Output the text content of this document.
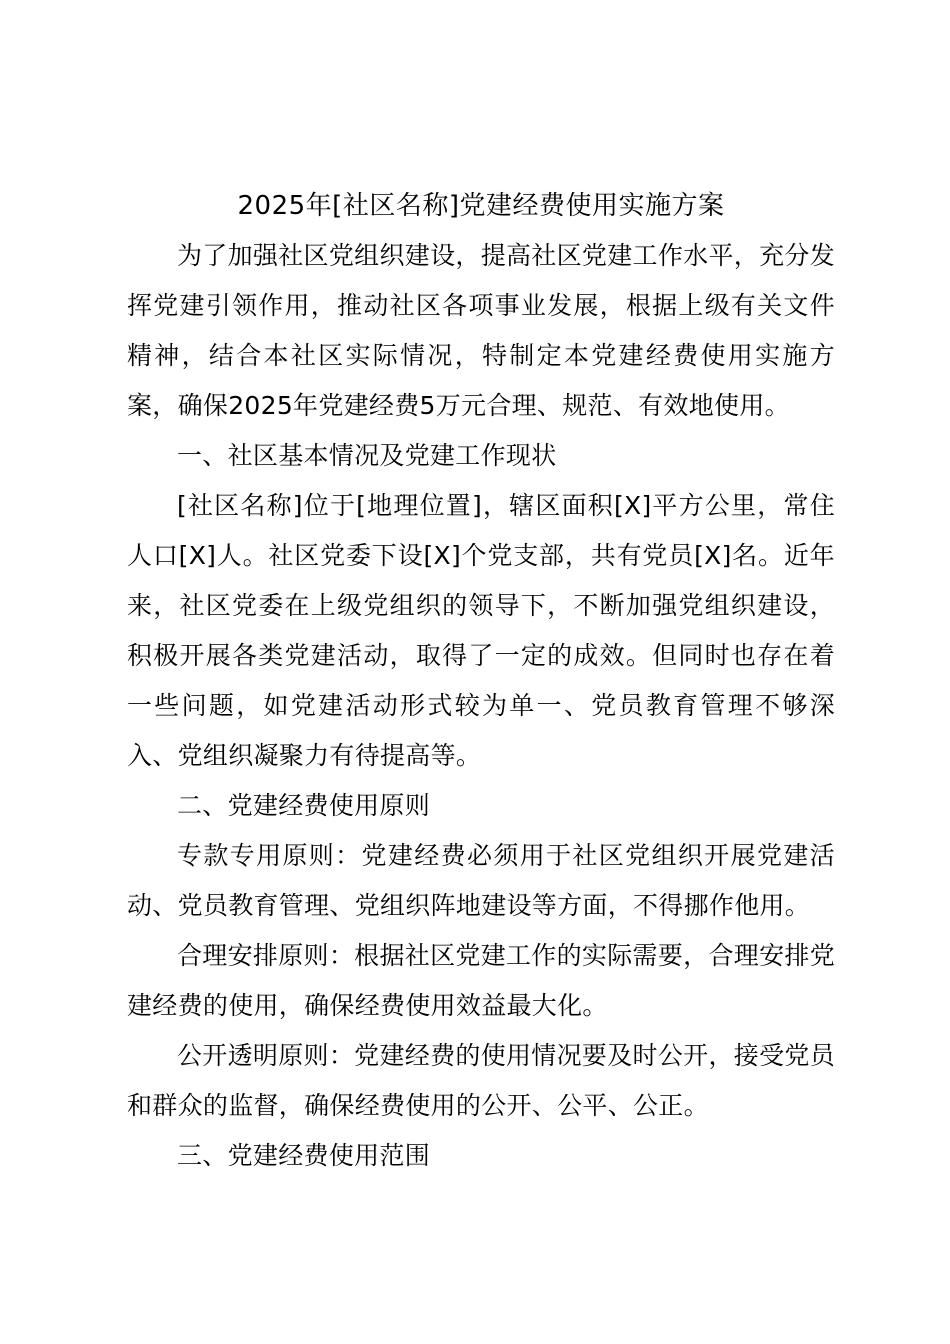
2025年[社区名称]党建经费使用实施方案

为了加强社区党组织建设，提高社区党建工作水平，充分发挥党建引领作用，推动社区各项事业发展，根据上级有关文件精神，结合本社区实际情况，特制定本党建经费使用实施方案，确保2025年党建经费5万元合理、规范、有效地使用。

一、社区基本情况及党建工作现状

[社区名称]位于[地理位置]，辖区面积[X]平方公里，常住人口[X]人。社区党委下设[X]个党支部，共有党员[X]名。近年来，社区党委在上级党组织的领导下，不断加强党组织建设，积极开展各类党建活动，取得了一定的成效。但同时也存在着一些问题，如党建活动形式较为单一、党员教育管理不够深入、党组织凝聚力有待提高等。

二、党建经费使用原则

专款专用原则：党建经费必须用于社区党组织开展党建活动、党员教育管理、党组织阵地建设等方面，不得挪作他用。

合理安排原则：根据社区党建工作的实际需要，合理安排党建经费的使用，确保经费使用效益最大化。

公开透明原则：党建经费的使用情况要及时公开，接受党员和群众的监督，确保经费使用的公开、公平、公正。

三、党建经费使用范围
